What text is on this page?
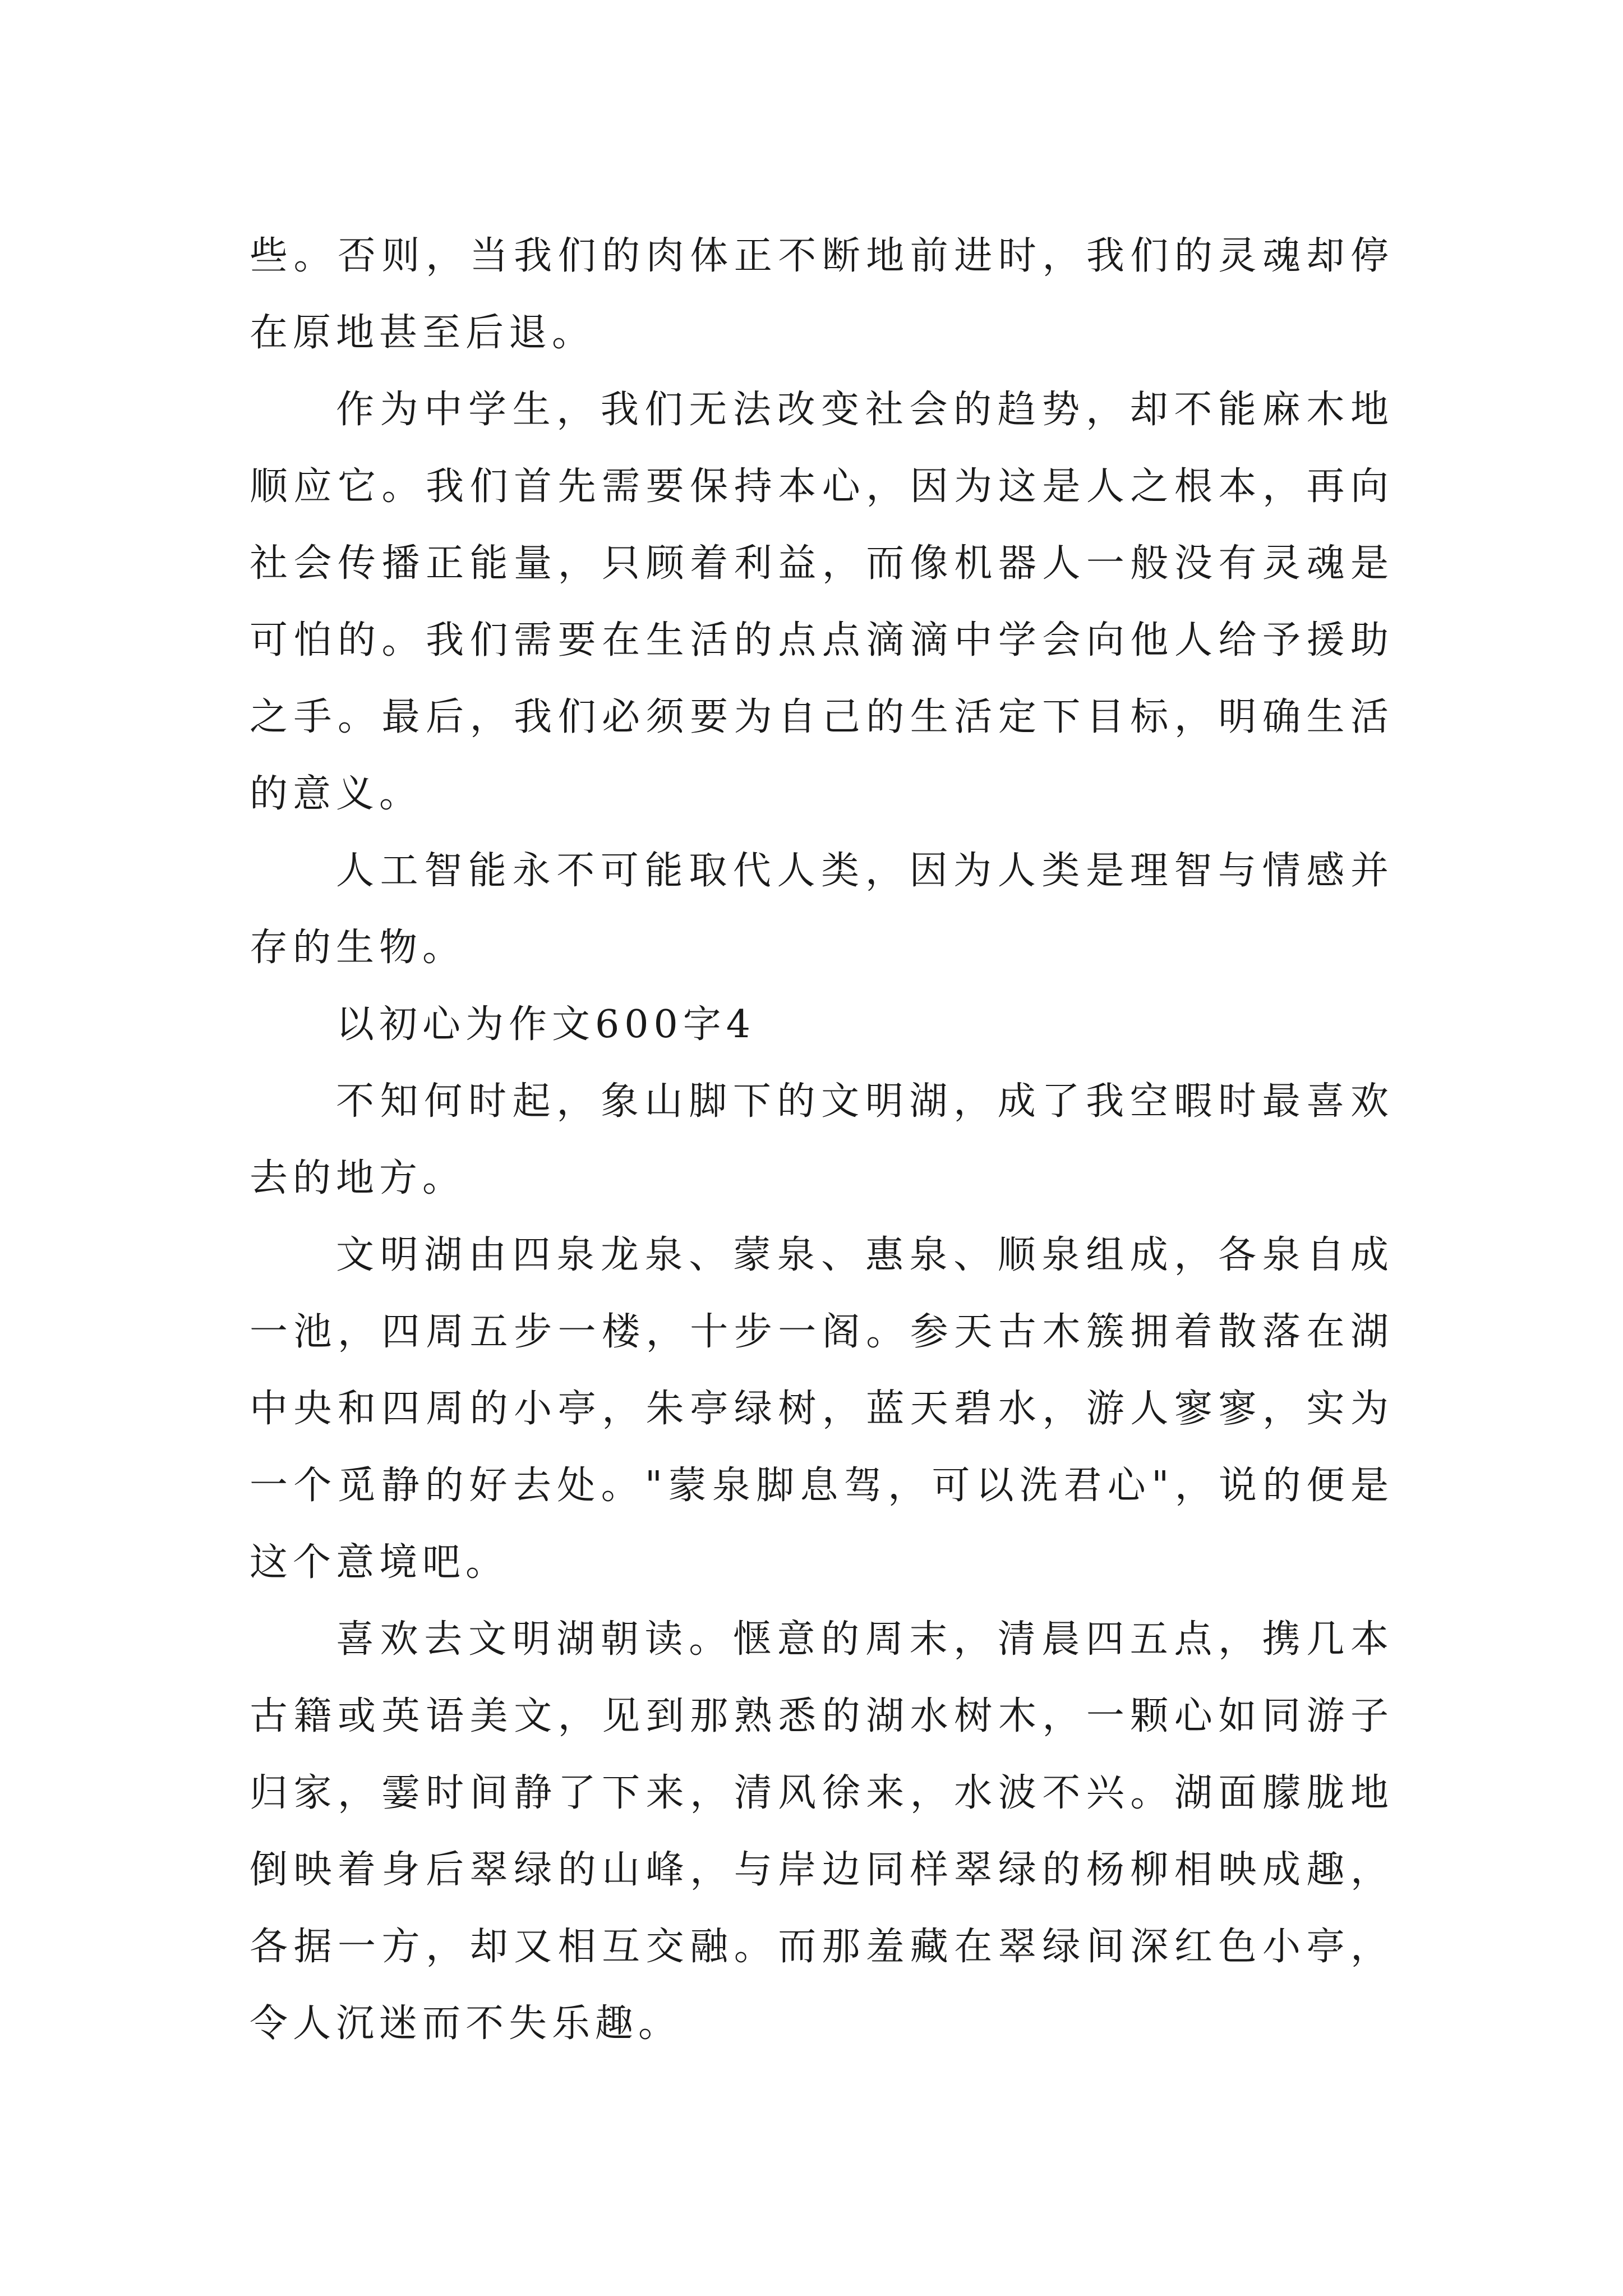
些。否则，当我们的肉体正不断地前进时，我们的灵魂却停在原地甚至后退。

作为中学生，我们无法改变社会的趋势，却不能麻木地顺应它。我们首先需要保持本心，因为这是人之根本，再向社会传播正能量，只顾着利益，而像机器人一般没有灵魂是可怕的。我们需要在生活的点点滴滴中学会向他人给予援助之手。最后，我们必须要为自己的生活定下目标，明确生活的意义。

人工智能永不可能取代人类，因为人类是理智与情感并存的生物。

以初心为作文600字4

不知何时起，象山脚下的文明湖，成了我空暇时最喜欢去的地方。

文明湖由四泉龙泉、蒙泉、惠泉、顺泉组成，各泉自成一池，四周五步一楼，十步一阁。参天古木簇拥着散落在湖中央和四周的小亭，朱亭绿树，蓝天碧水，游人寥寥，实为一个觅静的好去处。"蒙泉脚息驾，可以洗君心"，说的便是这个意境吧。

喜欢去文明湖朝读。惬意的周末，清晨四五点，携几本古籍或英语美文，见到那熟悉的湖水树木，一颗心如同游子归家，霎时间静了下来，清风徐来，水波不兴。湖面朦胧地倒映着身后翠绿的山峰，与岸边同样翠绿的杨柳相映成趣，各据一方，却又相互交融。而那羞藏在翠绿间深红色小亭，令人沉迷而不失乐趣。
